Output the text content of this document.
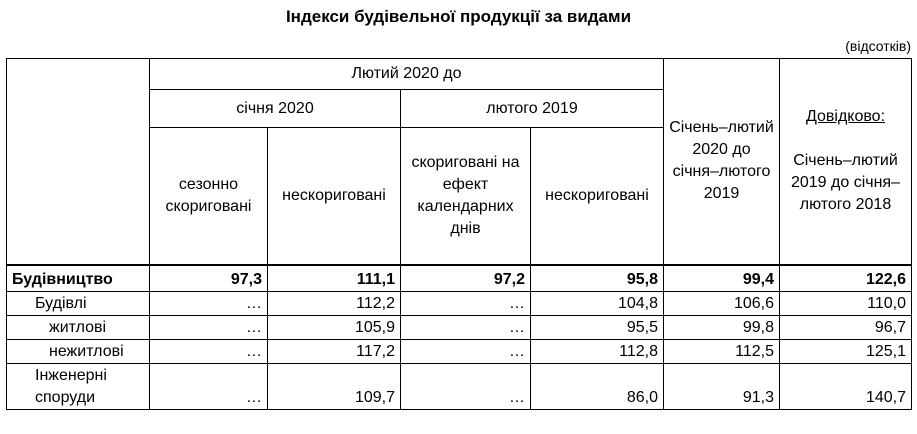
Індекси будівельної продукції за видами
(відсотків)
	Лютий 2020 до				Січень–лютий 2020 до січня–лютого 2019	Довідково:
Січень–лютий 2019 до січня–лютого 2018

	січня 2020		лютого 2019			
	сезонно скориговані	нескориговані	скориговані на ефект календарних днів	нескориговані		
Будівництво	97,3	111,1	97,2	95,8	99,4	122,6
Будівлі	…	112,2	…	104,8	106,6	110,0
житлові	…	105,9	…	95,5	99,8	96,7
нежитлові	…	117,2	…	112,8	112,5	125,1
Інженерні споруди	…	109,7	…	86,0	91,3	140,7
